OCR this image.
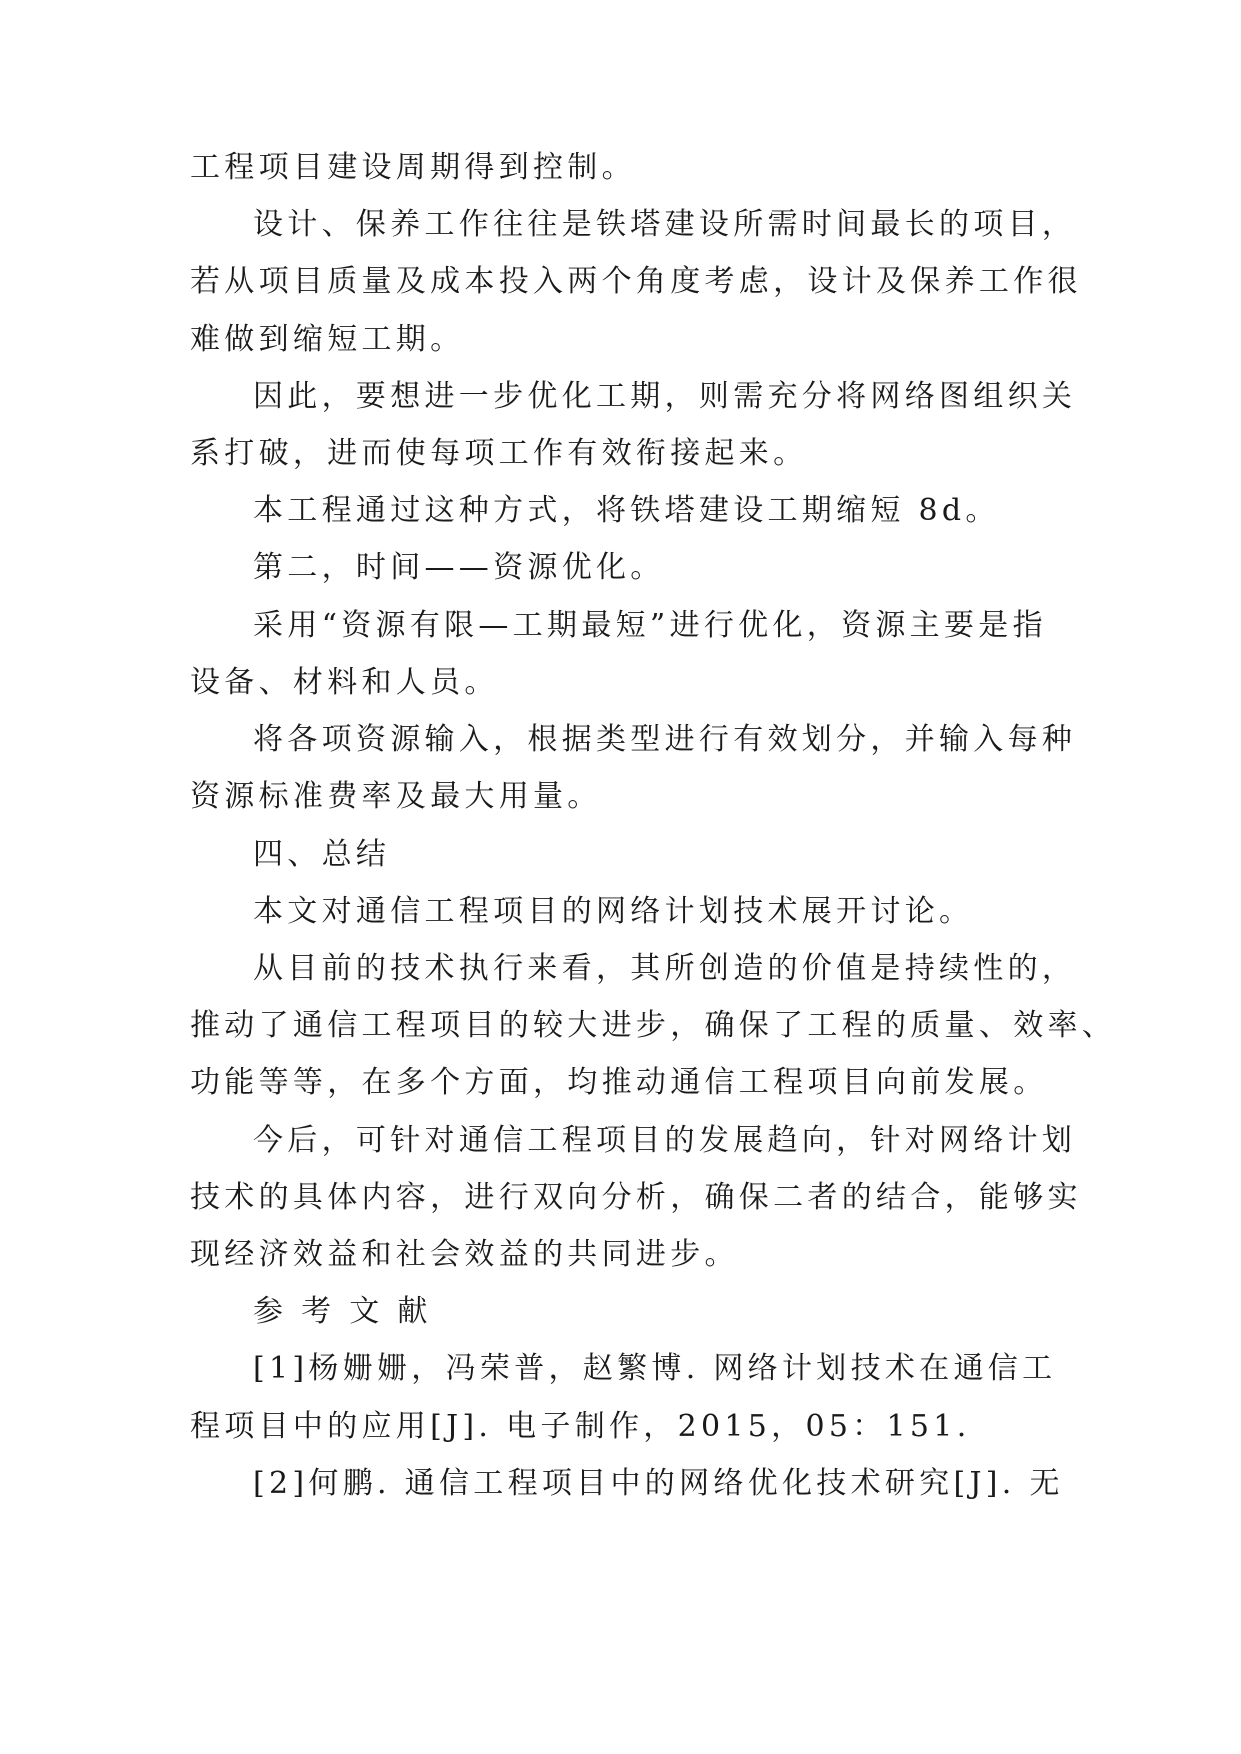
工程项目建设周期得到控制。
设计、保养工作往往是铁塔建设所需时间最长的项目，
若从项目质量及成本投入两个角度考虑，设计及保养工作很
难做到缩短工期。
因此，要想进一步优化工期，则需充分将网络图组织关
系打破，进而使每项工作有效衔接起来。
本工程通过这种方式，将铁塔建设工期缩短 8d。
第二，时间——资源优化。
采用“资源有限—工期最短”进行优化，资源主要是指
设备、材料和人员。
将各项资源输入，根据类型进行有效划分，并输入每种
资源标准费率及最大用量。
四、总结
本文对通信工程项目的网络计划技术展开讨论。
从目前的技术执行来看，其所创造的价值是持续性的，
推动了通信工程项目的较大进步，确保了工程的质量、效率、
功能等等，在多个方面，均推动通信工程项目向前发展。
今后，可针对通信工程项目的发展趋向，针对网络计划
技术的具体内容，进行双向分析，确保二者的结合，能够实
现经济效益和社会效益的共同进步。
参 考 文 献
[1]杨姗姗，冯荣普，赵繁博. 网络计划技术在通信工
程项目中的应用[J]. 电子制作，2015，05：151.
[2]何鹏. 通信工程项目中的网络优化技术研究[J]. 无
